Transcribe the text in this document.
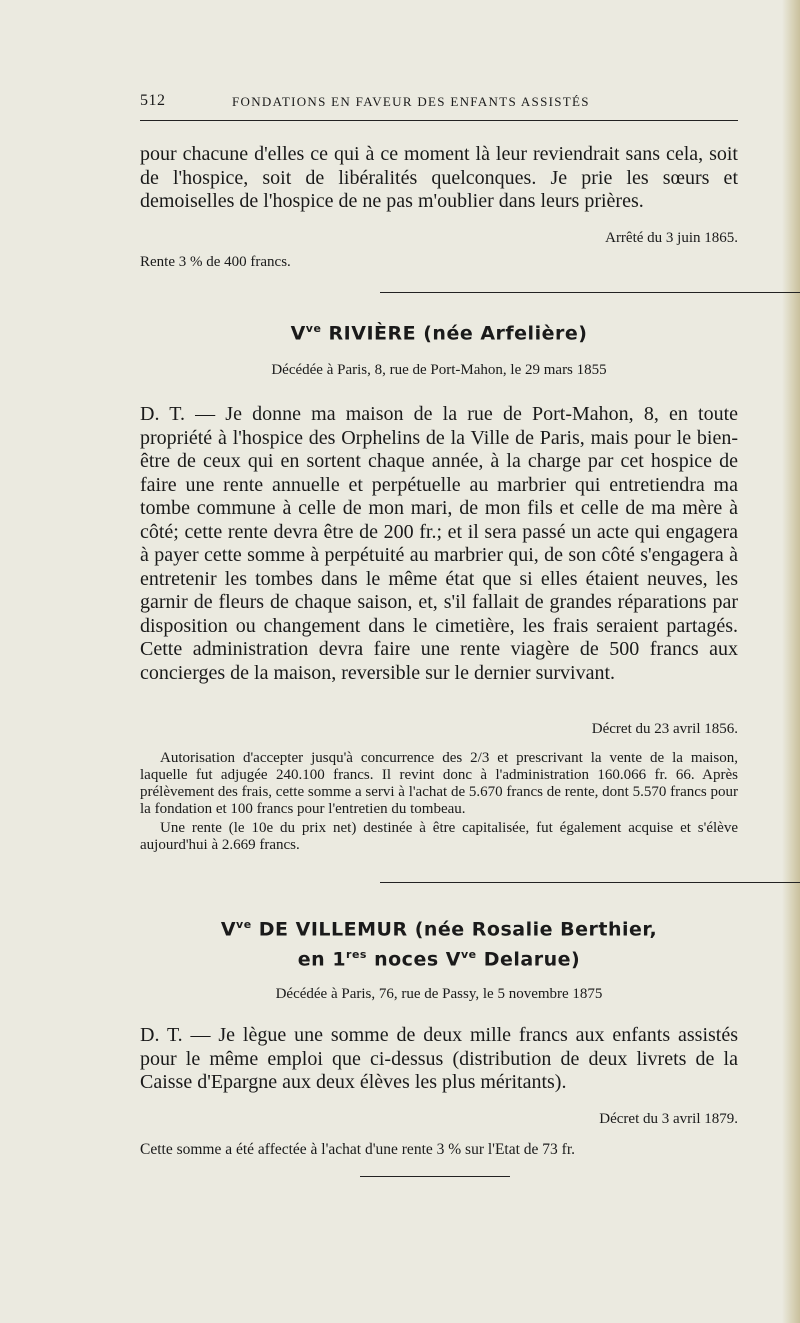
512	FONDATIONS EN FAVEUR DES ENFANTS ASSISTÉS

pour chacune d'elles ce qui à ce moment là leur reviendrait sans cela, soit de l'hospice, soit de libéralités quelconques. Je prie les sœurs et demoiselles de l'hospice de ne pas m'oublier dans leurs prières.

Arrêté du 3 juin 1865.

Rente 3 % de 400 francs.

$V^{ve}$ RIVIÈRE (née Arfelière)

Décédée à Paris, 8, rue de Port-Mahon, le 29 mars 1855

D. T. — Je donne ma maison de la rue de Port-Mahon, 8, en toute propriété à l'hospice des Orphelins de la Ville de Paris, mais pour le bien-être de ceux qui en sortent chaque année, à la charge par cet hospice de faire une rente annuelle et perpétuelle au marbrier qui entretiendra ma tombe commune à celle de mon mari, de mon fils et celle de ma mère à côté; cette rente devra être de 200 fr.; et il sera passé un acte qui engagera à payer cette somme à perpétuité au marbrier qui, de son côté s'engagera à entretenir les tombes dans le même état que si elles étaient neuves, les garnir de fleurs de chaque saison, et, s'il fallait de grandes réparations par disposition ou changement dans le cimetière, les frais seraient partagés. Cette administration devra faire une rente viagère de 500 francs aux concierges de la maison, reversible sur le dernier survivant.

Décret du 23 avril 1856.

Autorisation d'accepter jusqu'à concurrence des 2/3 et prescrivant la vente de la maison, laquelle fut adjugée 240.100 francs. Il revint donc à l'administration 160.066 fr. 66. Après prélèvement des frais, cette somme a servi à l'achat de 5.670 francs de rente, dont 5.570 francs pour la fondation et 100 francs pour l'entretien du tombeau.

Une rente (le 10e du prix net) destinée à être capitalisée, fut également acquise et s'élève aujourd'hui à 2.669 francs.

$V^{ve}$ DE VILLEMUR (née Rosalie Berthier,

en 1res noces $V^{ve}$ Delarue)

Décédée à Paris, 76, rue de Passy, le 5 novembre 1875

D. T. — Je lègue une somme de deux mille francs aux enfants assistés pour le même emploi que ci-dessus (distribution de deux livrets de la Caisse d'Epargne aux deux élèves les plus méritants).

Décret du 3 avril 1879.

Cette somme a été affectée à l'achat d'une rente 3 % sur l'Etat de 73 fr.
